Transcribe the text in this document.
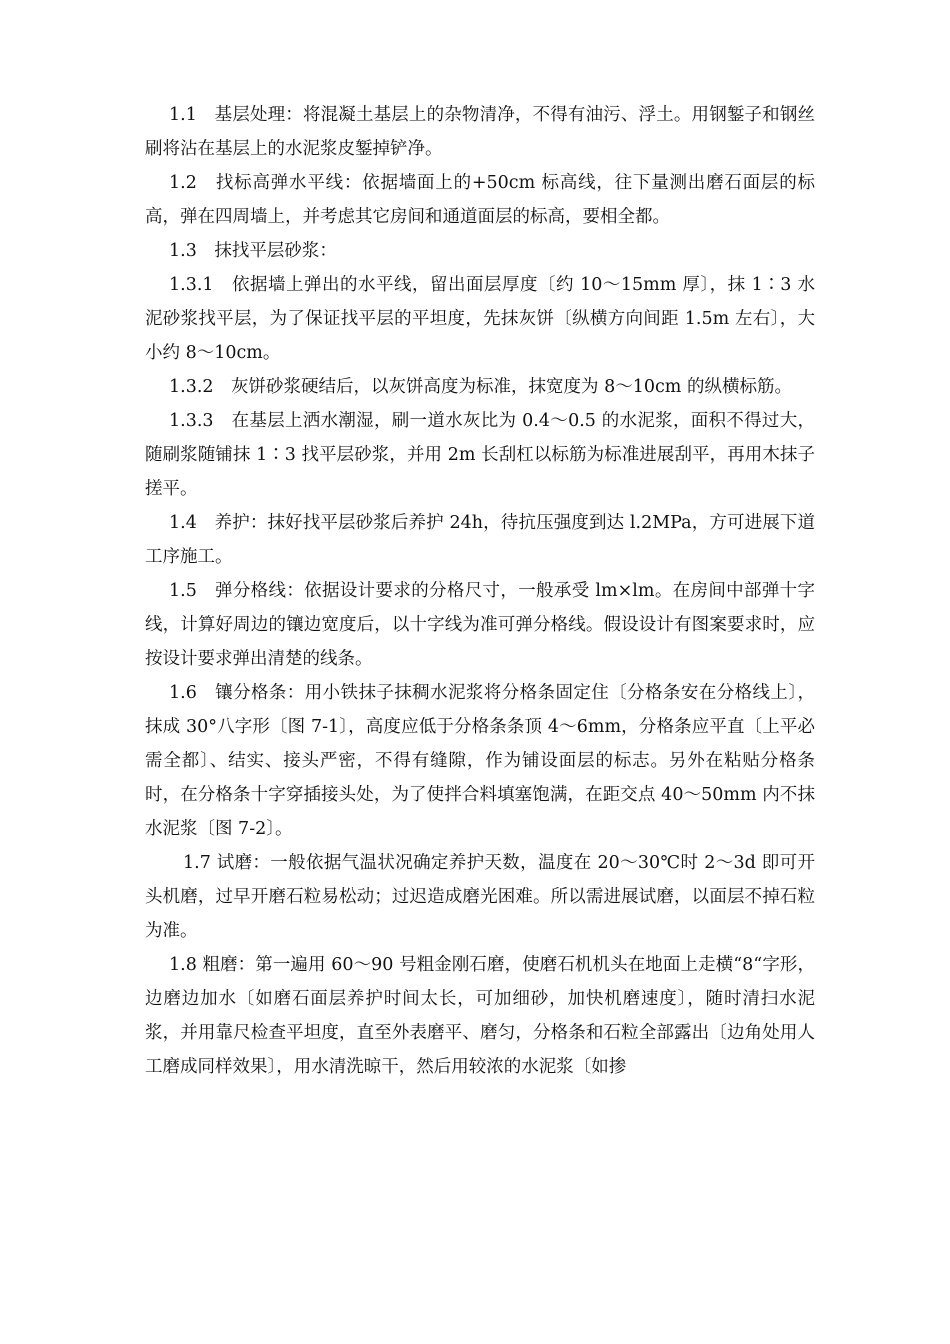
1.1　基层处理：将混凝土基层上的杂物清净，不得有油污、浮土。用钢錾子和钢丝刷将沾在基层上的水泥浆皮錾掉铲净。

1.2　找标高弹水平线：依据墙面上的+50cm 标高线，往下量测出磨石面层的标高，弹在四周墙上，并考虑其它房间和通道面层的标高，要相全都。

1.3　抹找平层砂浆：

1.3.1　依据墙上弹出的水平线，留出面层厚度〔约 10～15mm 厚〕，抹 1∶3 水泥砂浆找平层，为了保证找平层的平坦度，先抹灰饼〔纵横方向间距 1.5m 左右〕，大小约 8～10cm。

1.3.2　灰饼砂浆硬结后，以灰饼高度为标准，抹宽度为 8～10cm 的纵横标筋。

1.3.3　在基层上洒水潮湿，刷一道水灰比为 0.4～0.5 的水泥浆，面积不得过大，随刷浆随铺抹 1∶3 找平层砂浆，并用 2m 长刮杠以标筋为标准进展刮平，再用木抹子搓平。

1.4　养护：抹好找平层砂浆后养护 24h，待抗压强度到达 l.2MPa，方可进展下道工序施工。

1.5　弹分格线：依据设计要求的分格尺寸，一般承受 lm×lm。在房间中部弹十字线，计算好周边的镶边宽度后，以十字线为准可弹分格线。假设设计有图案要求时，应按设计要求弹出清楚的线条。

1.6　镶分格条：用小铁抹子抹稠水泥浆将分格条固定住〔分格条安在分格线上〕，抹成 30°八字形〔图 7-1〕，高度应低于分格条条顶 4～6mm，分格条应平直〔上平必需全都〕、结实、接头严密，不得有缝隙，作为铺设面层的标志。另外在粘贴分格条时，在分格条十字穿插接头处，为了使拌合料填塞饱满，在距交点 40～50mm 内不抹水泥浆〔图 7-2〕。

1.7 试磨：一般依据气温状况确定养护天数，温度在 20～30℃时 2～3d 即可开头机磨，过早开磨石粒易松动；过迟造成磨光困难。所以需进展试磨，以面层不掉石粒为准。

1.8 粗磨：第一遍用 60～90 号粗金刚石磨，使磨石机机头在地面上走横“8“字形，边磨边加水〔如磨石面层养护时间太长，可加细砂，加快机磨速度〕，随时清扫水泥浆，并用靠尺检查平坦度，直至外表磨平、磨匀，分格条和石粒全部露出〔边角处用人工磨成同样效果〕，用水清洗晾干，然后用较浓的水泥浆〔如掺
